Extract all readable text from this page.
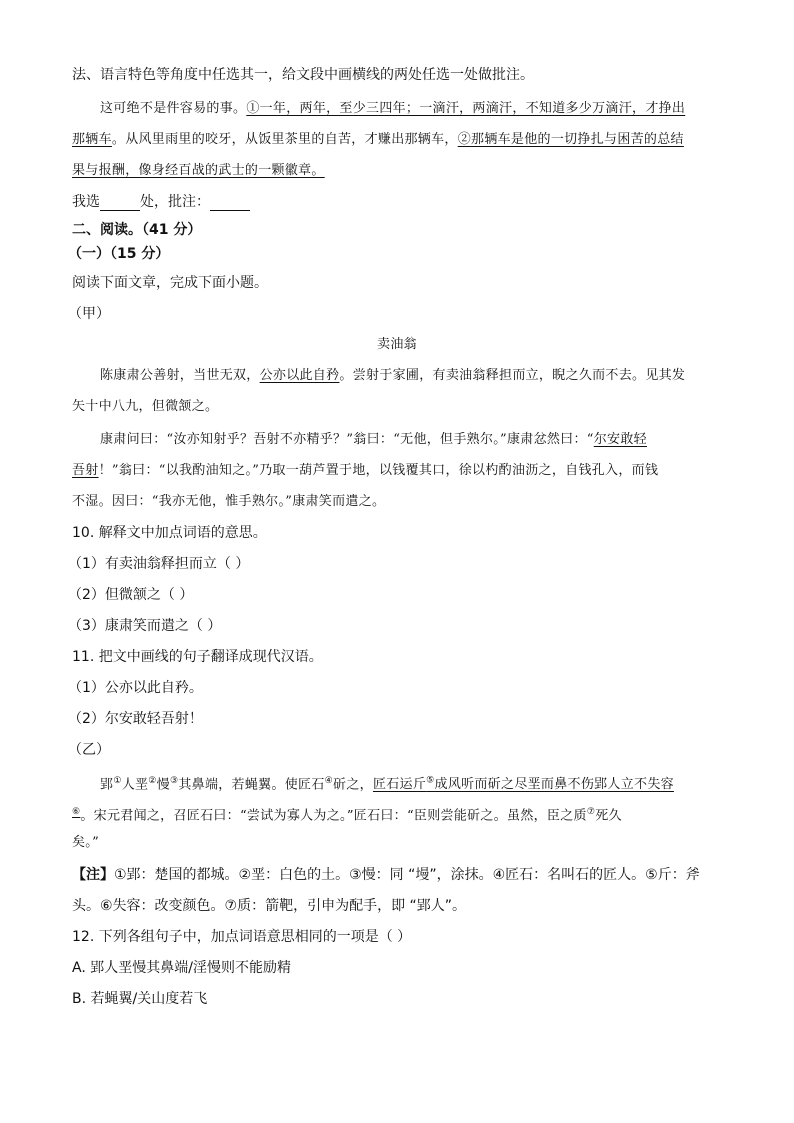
法、语言特色等角度中任选其一，给文段中画横线的两处任选一处做批注。
这可绝不是件容易的事。①一年，两年，至少三四年；一滴汗，两滴汗，不知道多少万滴汗，才挣出
那辆车。从风里雨里的咬牙，从饭里茶里的自苦，才赚出那辆车，②那辆车是他的一切挣扎与困苦的总结
果与报酬，像身经百战的武士的一颗徽章。
我选	处，批注：
二、阅读。（41 分）
（一）（15 分）
阅读下面文章，完成下面小题。
（甲）
卖油翁
陈康肃公善射，当世无双，公亦以此自矜。尝射于家圃，有卖油翁释担而立，睨之久而不去。见其发
矢十中八九，但微颔之。
康肃问曰：“汝亦知射乎？吾射不亦精乎？”翁曰：“无他，但手熟尔。”康肃忿然曰：“尔安敢轻
吾射！”翁曰：“以我酌油知之。”乃取一葫芦置于地，以钱覆其口，徐以杓酌油沥之，自钱孔入，而钱
不湿。因曰：“我亦无他，惟手熟尔。”康肃笑而遣之。
10. 解释文中加点词语的意思。
（1）有卖油翁释担而立（ ）
（2）但微颔之（ ）
（3）康肃笑而遣之（ ）
11. 把文中画线的句子翻译成现代汉语。
（1）公亦以此自矜。
（2）尔安敢轻吾射！
（乙）
郢①人垩②慢③其鼻端，若蝇翼。使匠石④斫之，匠石运斤⑤成风听而斫之尽垩而鼻不伤郢人立不失容
⑥。宋元君闻之，召匠石曰：“尝试为寡人为之。”匠石曰：“臣则尝能斫之。虽然，臣之质⑦死久
矣。”
【注】①郢：楚国的都城。②垩：白色的土。③慢：同 “墁”，涂抹。④匠石：名叫石的匠人。⑤斤：斧
头。⑥失容：改变颜色。⑦质：箭靶，引申为配手，即 “郢人”。
12. 下列各组句子中，加点词语意思相同的一项是（ ）
A. 郢人垩慢其鼻端/淫慢则不能励精
B. 若蝇翼/关山度若飞
